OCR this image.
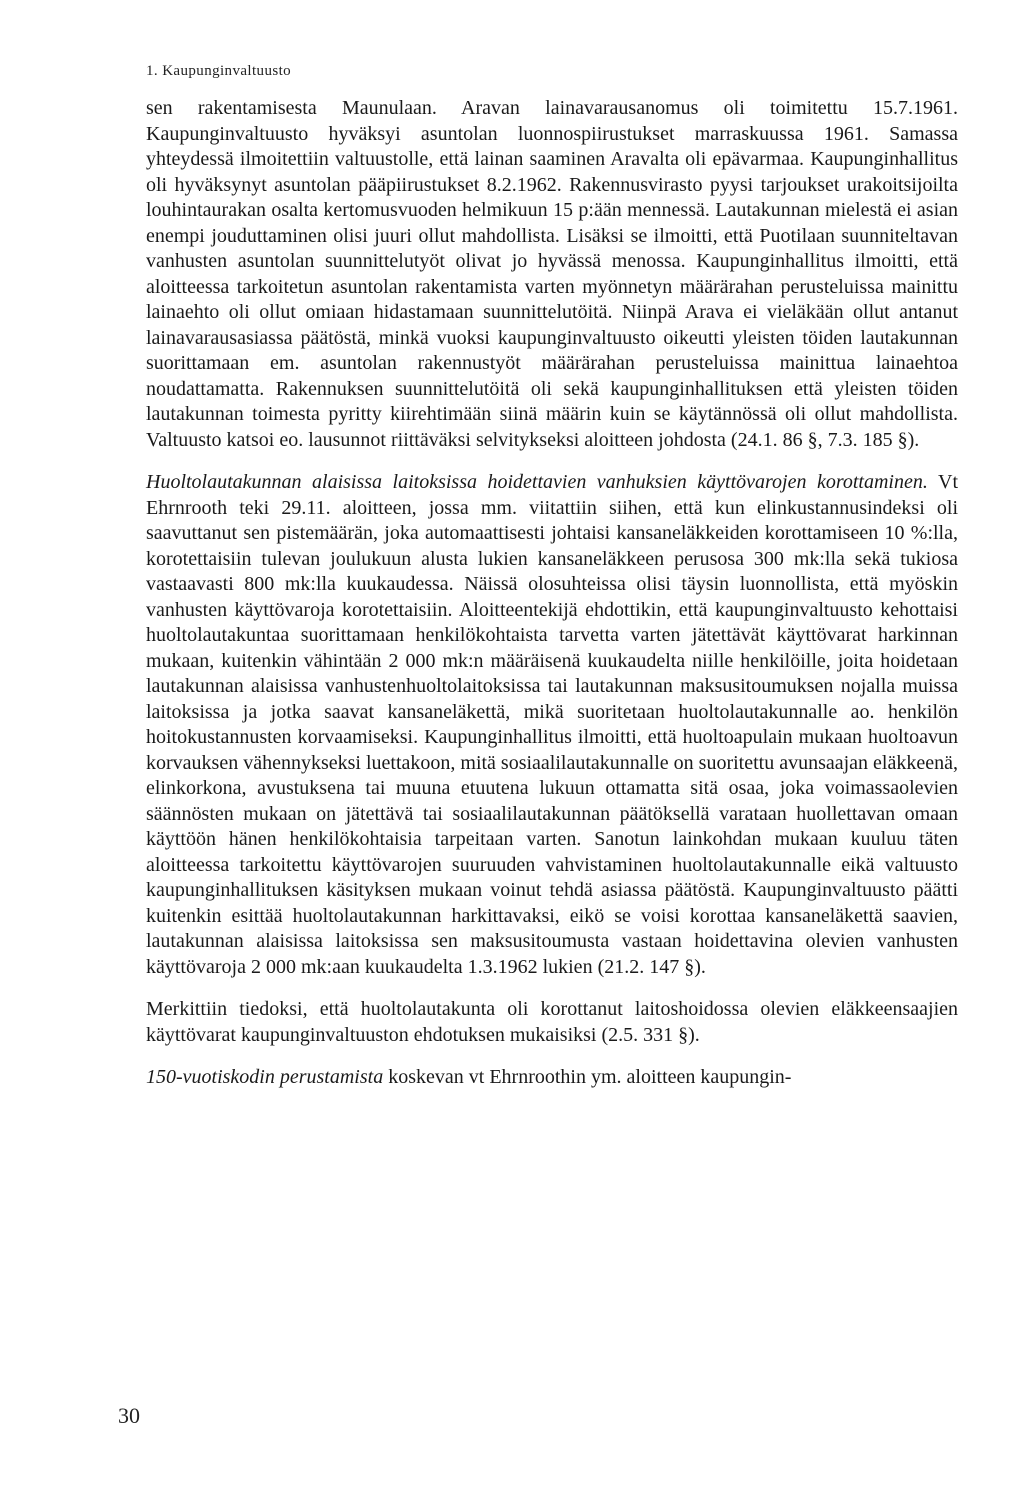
1. Kaupunginvaltuusto

sen rakentamisesta Maunulaan. Aravan lainavarausanomus oli toimitettu 15.7.1961. Kaupunginvaltuusto hyväksyi asuntolan luonnospiirustukset marraskuussa 1961. Samassa yhteydessä ilmoitettiin valtuustolle, että lainan saaminen Aravalta oli epävarmaa. Kaupunginhallitus oli hyväksynyt asuntolan pääpiirustukset 8.2.1962. Rakennusvirasto pyysi tarjoukset urakoitsijoilta louhintaurakan osalta kertomusvuoden helmikuun 15 p:ään mennessä. Lautakunnan mielestä ei asian enempi jouduttaminen olisi juuri ollut mahdollista. Lisäksi se ilmoitti, että Puotilaan suunniteltavan vanhusten asuntolan suunnittelutyöt olivat jo hyvässä menossa. Kaupunginhallitus ilmoitti, että aloitteessa tarkoitetun asuntolan rakentamista varten myönnetyn määrärahan perusteluissa mainittu lainaehto oli ollut omiaan hidastamaan suunnittelutöitä. Niinpä Arava ei vieläkään ollut antanut lainavarausasiassa päätöstä, minkä vuoksi kaupunginvaltuusto oikeutti yleisten töiden lautakunnan suorittamaan em. asuntolan rakennustyöt määrärahan perusteluissa mainittua lainaehtoa noudattamatta. Rakennuksen suunnittelutöitä oli sekä kaupunginhallituksen että yleisten töiden lautakunnan toimesta pyritty kiirehtimään siinä määrin kuin se käytännössä oli ollut mahdollista. Valtuusto katsoi eo. lausunnot riittäväksi selvitykseksi aloitteen johdosta (24.1. 86 §, 7.3. 185 §).

Huoltolautakunnan alaisissa laitoksissa hoidettavien vanhuksien käyttövarojen korottaminen. Vt Ehrnrooth teki 29.11. aloitteen, jossa mm. viitattiin siihen, että kun elinkustannusindeksi oli saavuttanut sen pistemäärän, joka automaattisesti johtaisi kansaneläkkeiden korottamiseen 10 %:lla, korotettaisiin tulevan joulukuun alusta lukien kansaneläkkeen perusosa 300 mk:lla sekä tukiosa vastaavasti 800 mk:lla kuukaudessa. Näissä olosuhteissa olisi täysin luonnollista, että myöskin vanhusten käyttövaroja korotettaisiin. Aloitteentekijä ehdottikin, että kaupunginvaltuusto kehottaisi huoltolautakuntaa suorittamaan henkilökohtaista tarvetta varten jätettävät käyttövarat harkinnan mukaan, kuitenkin vähintään 2 000 mk:n määräisenä kuukaudelta niille henkilöille, joita hoidetaan lautakunnan alaisissa vanhustenhuoltolaitoksissa tai lautakunnan maksusitoumuksen nojalla muissa laitoksissa ja jotka saavat kansaneläkettä, mikä suoritetaan huoltolautakunnalle ao. henkilön hoitokustannusten korvaamiseksi. Kaupunginhallitus ilmoitti, että huoltoapulain mukaan huoltoavun korvauksen vähennykseksi luettakoon, mitä sosiaalilautakunnalle on suoritettu avunsaajan eläkkeenä, elinkorkona, avustuksena tai muuna etuutena lukuun ottamatta sitä osaa, joka voimassaolevien säännösten mukaan on jätettävä tai sosiaalilautakunnan päätöksellä varataan huollettavan omaan käyttöön hänen henkilökohtaisia tarpeitaan varten. Sanotun lainkohdan mukaan kuuluu täten aloitteessa tarkoitettu käyttövarojen suuruuden vahvistaminen huoltolautakunnalle eikä valtuusto kaupunginhallituksen käsityksen mukaan voinut tehdä asiassa päätöstä. Kaupunginvaltuusto päätti kuitenkin esittää huoltolautakunnan harkittavaksi, eikö se voisi korottaa kansaneläkettä saavien, lautakunnan alaisissa laitoksissa sen maksusitoumusta vastaan hoidettavina olevien vanhusten käyttövaroja 2 000 mk:aan kuukaudelta 1.3.1962 lukien (21.2. 147 §).

Merkittiin tiedoksi, että huoltolautakunta oli korottanut laitoshoidossa olevien eläkkeensaajien käyttövarat kaupunginvaltuuston ehdotuksen mukaisiksi (2.5. 331 §).

150-vuotiskodin perustamista koskevan vt Ehrnroothin ym. aloitteen kaupungin-

30
